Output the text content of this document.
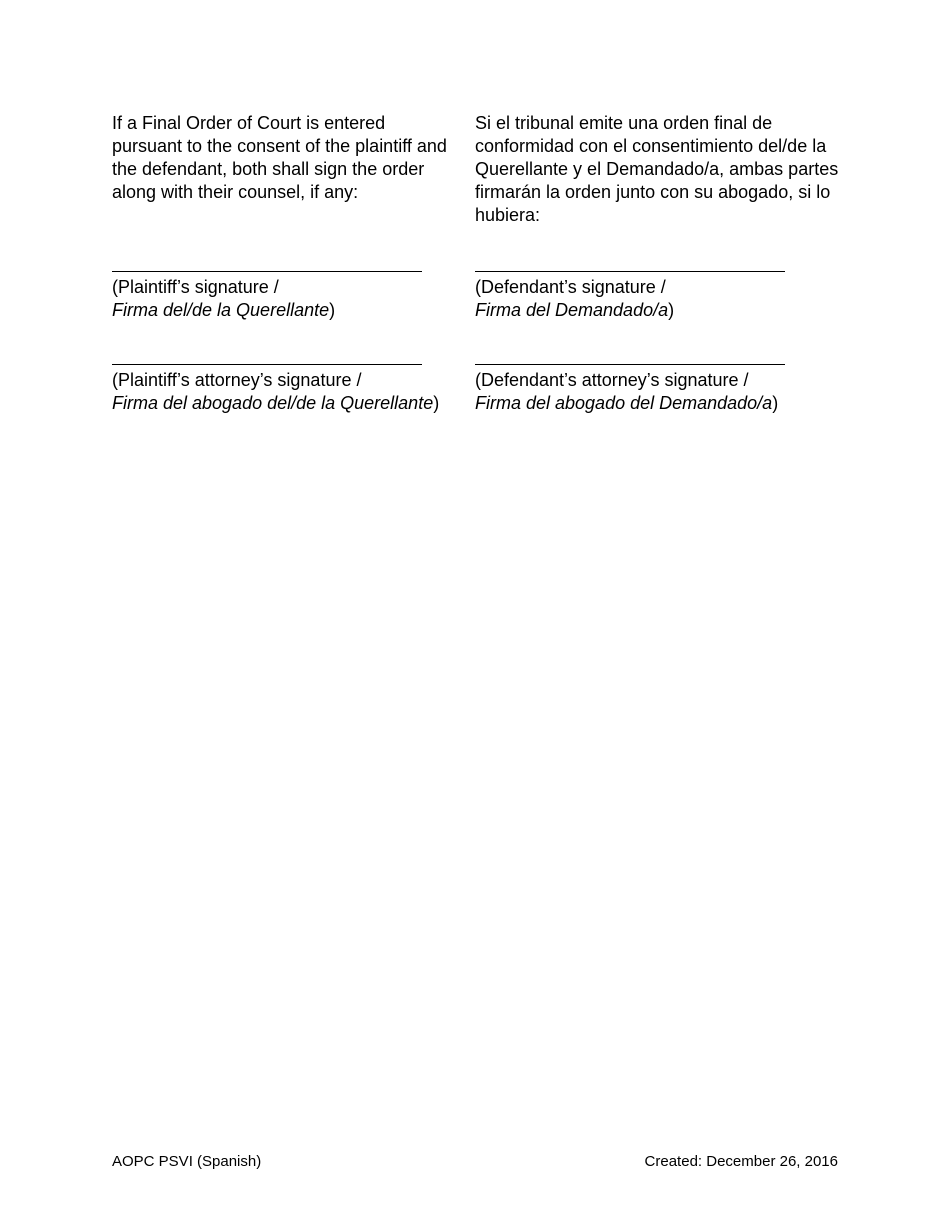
If a Final Order of Court is entered pursuant to the consent of the plaintiff and the defendant, both shall sign the order along with their counsel, if any:
Si el tribunal emite una orden final de conformidad con el consentimiento del/de la Querellante y el Demandado/a, ambas partes firmarán la orden junto con su abogado, si lo hubiera:
(Plaintiff’s signature /
Firma del/de la Querellante)
(Defendant’s signature /
Firma del Demandado/a)
(Plaintiff’s attorney’s signature /
Firma del abogado del/de la Querellante)
(Defendant’s attorney’s signature /
Firma del abogado del Demandado/a)
AOPC PSVI (Spanish)	Created: December 26, 2016
